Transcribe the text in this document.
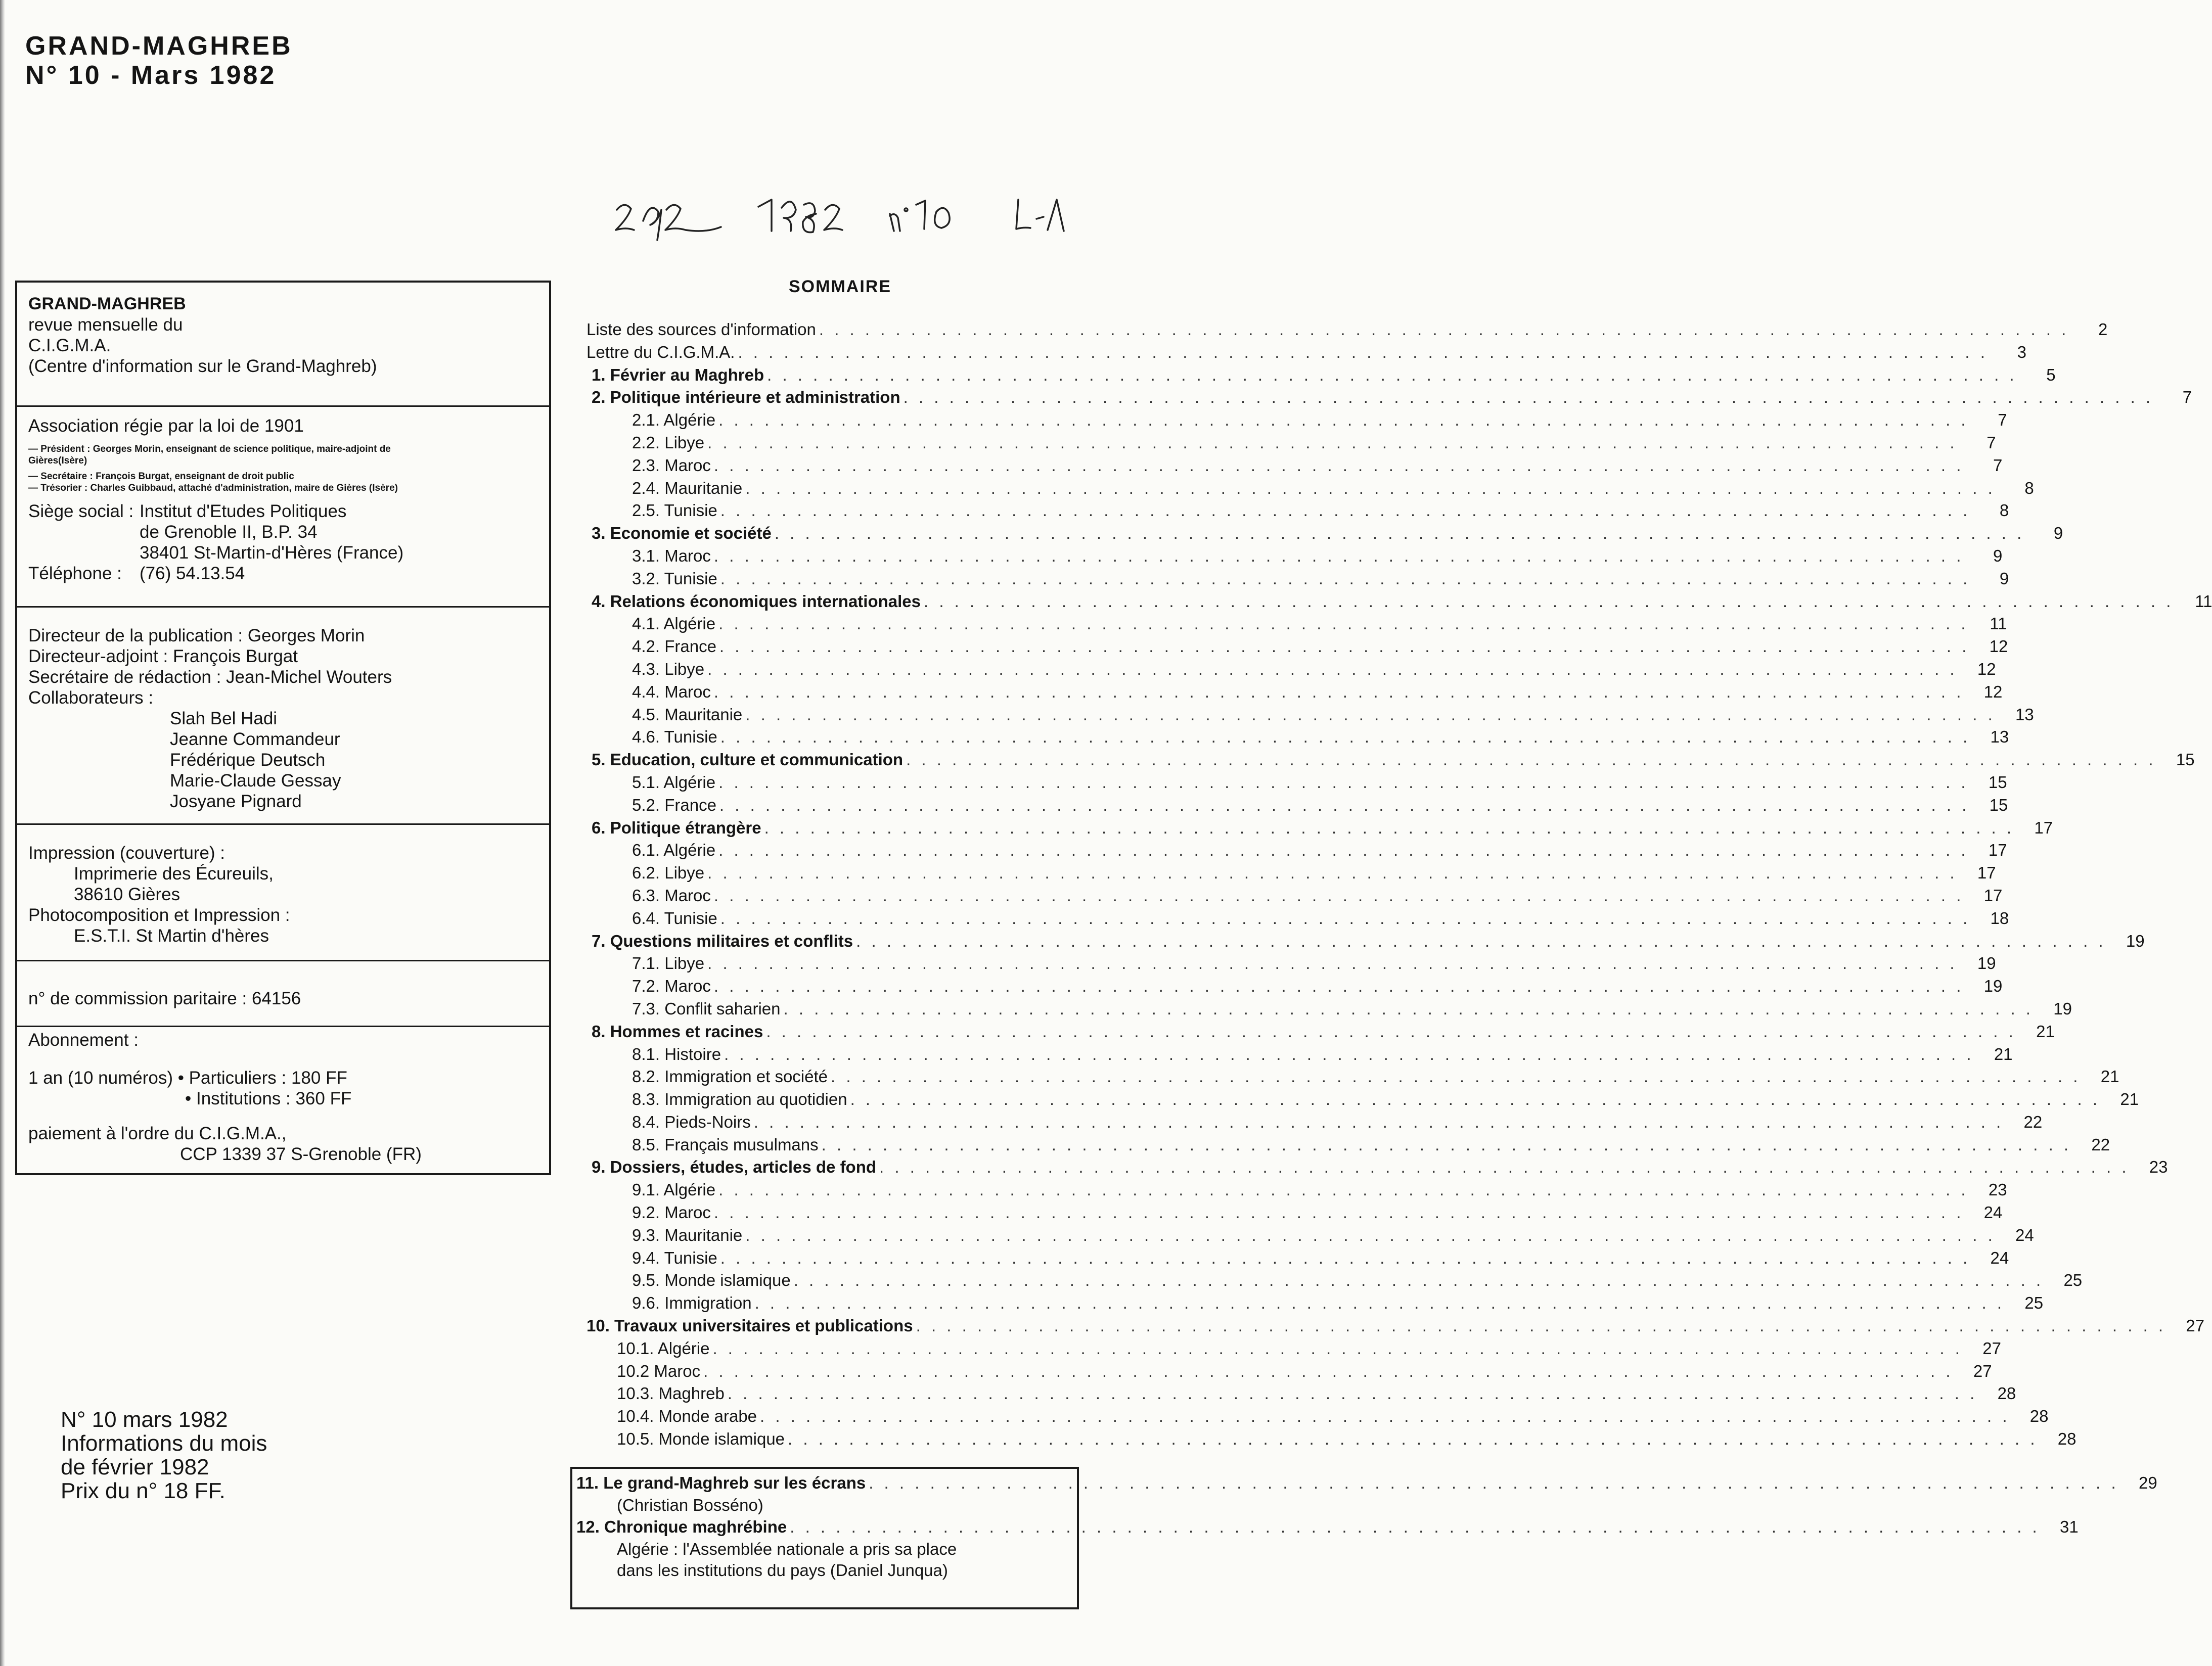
GRAND-MAGHREB
N° 10 - Mars 1982
292 1982 n° 10 LA
GRAND-MAGHREB
revue mensuelle du
C.I.G.M.A.
(Centre d'information sur le Grand-Maghreb)
Association régie par la loi de 1901
— Président : Georges Morin, enseignant de science politique, maire-adjoint de
Gières(Isère)
— Secrétaire : François Burgat, enseignant de droit public
— Trésorier : Charles Guibbaud, attaché d'administration, maire de Gières (Isère)
Siège social : Institut d'Etudes Politiques
de Grenoble II, B.P. 34
38401 St-Martin-d'Hères (France)
Téléphone :	(76) 54.13.54
Directeur de la publication : Georges Morin
Directeur-adjoint : François Burgat
Secrétaire de rédaction : Jean-Michel Wouters
Collaborateurs :
Slah Bel Hadi
Jeanne Commandeur
Frédérique Deutsch
Marie-Claude Gessay
Josyane Pignard
Impression (couverture) :
Imprimerie des Écureuils,
38610 Gières
Photocomposition et Impression :
E.S.T.I. St Martin d'hères
n° de commission paritaire : 64156
Abonnement :
1 an (10 numéros) • Particuliers : 180 FF
• Institutions : 360 FF
paiement à l'ordre du C.I.G.M.A.,
CCP 1339 37 S-Grenoble (FR)
N° 10 mars 1982
Informations du mois
de février 1982
Prix du n° 18 FF.
SOMMAIRE
Liste des sources d'information . . .	2
Lettre du C.I.G.M.A. . . .	3
1. Février au Maghreb . . .	5
2. Politique intérieure et administration . . .	7
2.1. Algérie . . .	7
2.2. Libye . . .	7
2.3. Maroc . . .	7
2.4. Mauritanie . . .	8
2.5. Tunisie . . .	8
3. Economie et société . . .	9
3.1. Maroc . . .	9
3.2. Tunisie . . .	9
4. Relations économiques internationales . . .	11
4.1. Algérie . . .	11
4.2. France . . .	12
4.3. Libye . . .	12
4.4. Maroc . . .	12
4.5. Mauritanie . . .	13
4.6. Tunisie . . .	13
5. Education, culture et communication . . .	15
5.1. Algérie . . .	15
5.2. France . . .	15
6. Politique étrangère . . .	17
6.1. Algérie . . .	17
6.2. Libye . . .	17
6.3. Maroc . . .	17
6.4. Tunisie . . .	18
7. Questions militaires et conflits . . .	19
7.1. Libye . . .	19
7.2. Maroc . . .	19
7.3. Conflit saharien . . .	19
8. Hommes et racines . . .	21
8.1. Histoire . . .	21
8.2. Immigration et société . . .	21
8.3. Immigration au quotidien . . .	21
8.4. Pieds-Noirs . . .	22
8.5. Français musulmans . . .	22
9. Dossiers, études, articles de fond . . .	23
9.1. Algérie . . .	23
9.2. Maroc . . .	24
9.3. Mauritanie . . .	24
9.4. Tunisie . . .	24
9.5. Monde islamique . . .	25
9.6. Immigration . . .	25
10. Travaux universitaires et publications . . .	27
10.1. Algérie . . .	27
10.2 Maroc . . .	27
10.3. Maghreb . . .	28
10.4. Monde arabe . . .	28
10.5. Monde islamique . . .	28
11. Le grand-Maghreb sur les écrans . . .	29
(Christian Bosséno)
12. Chronique maghrébine . . .	31
Algérie : l'Assemblée nationale a pris sa place
dans les institutions du pays (Daniel Junqua)
